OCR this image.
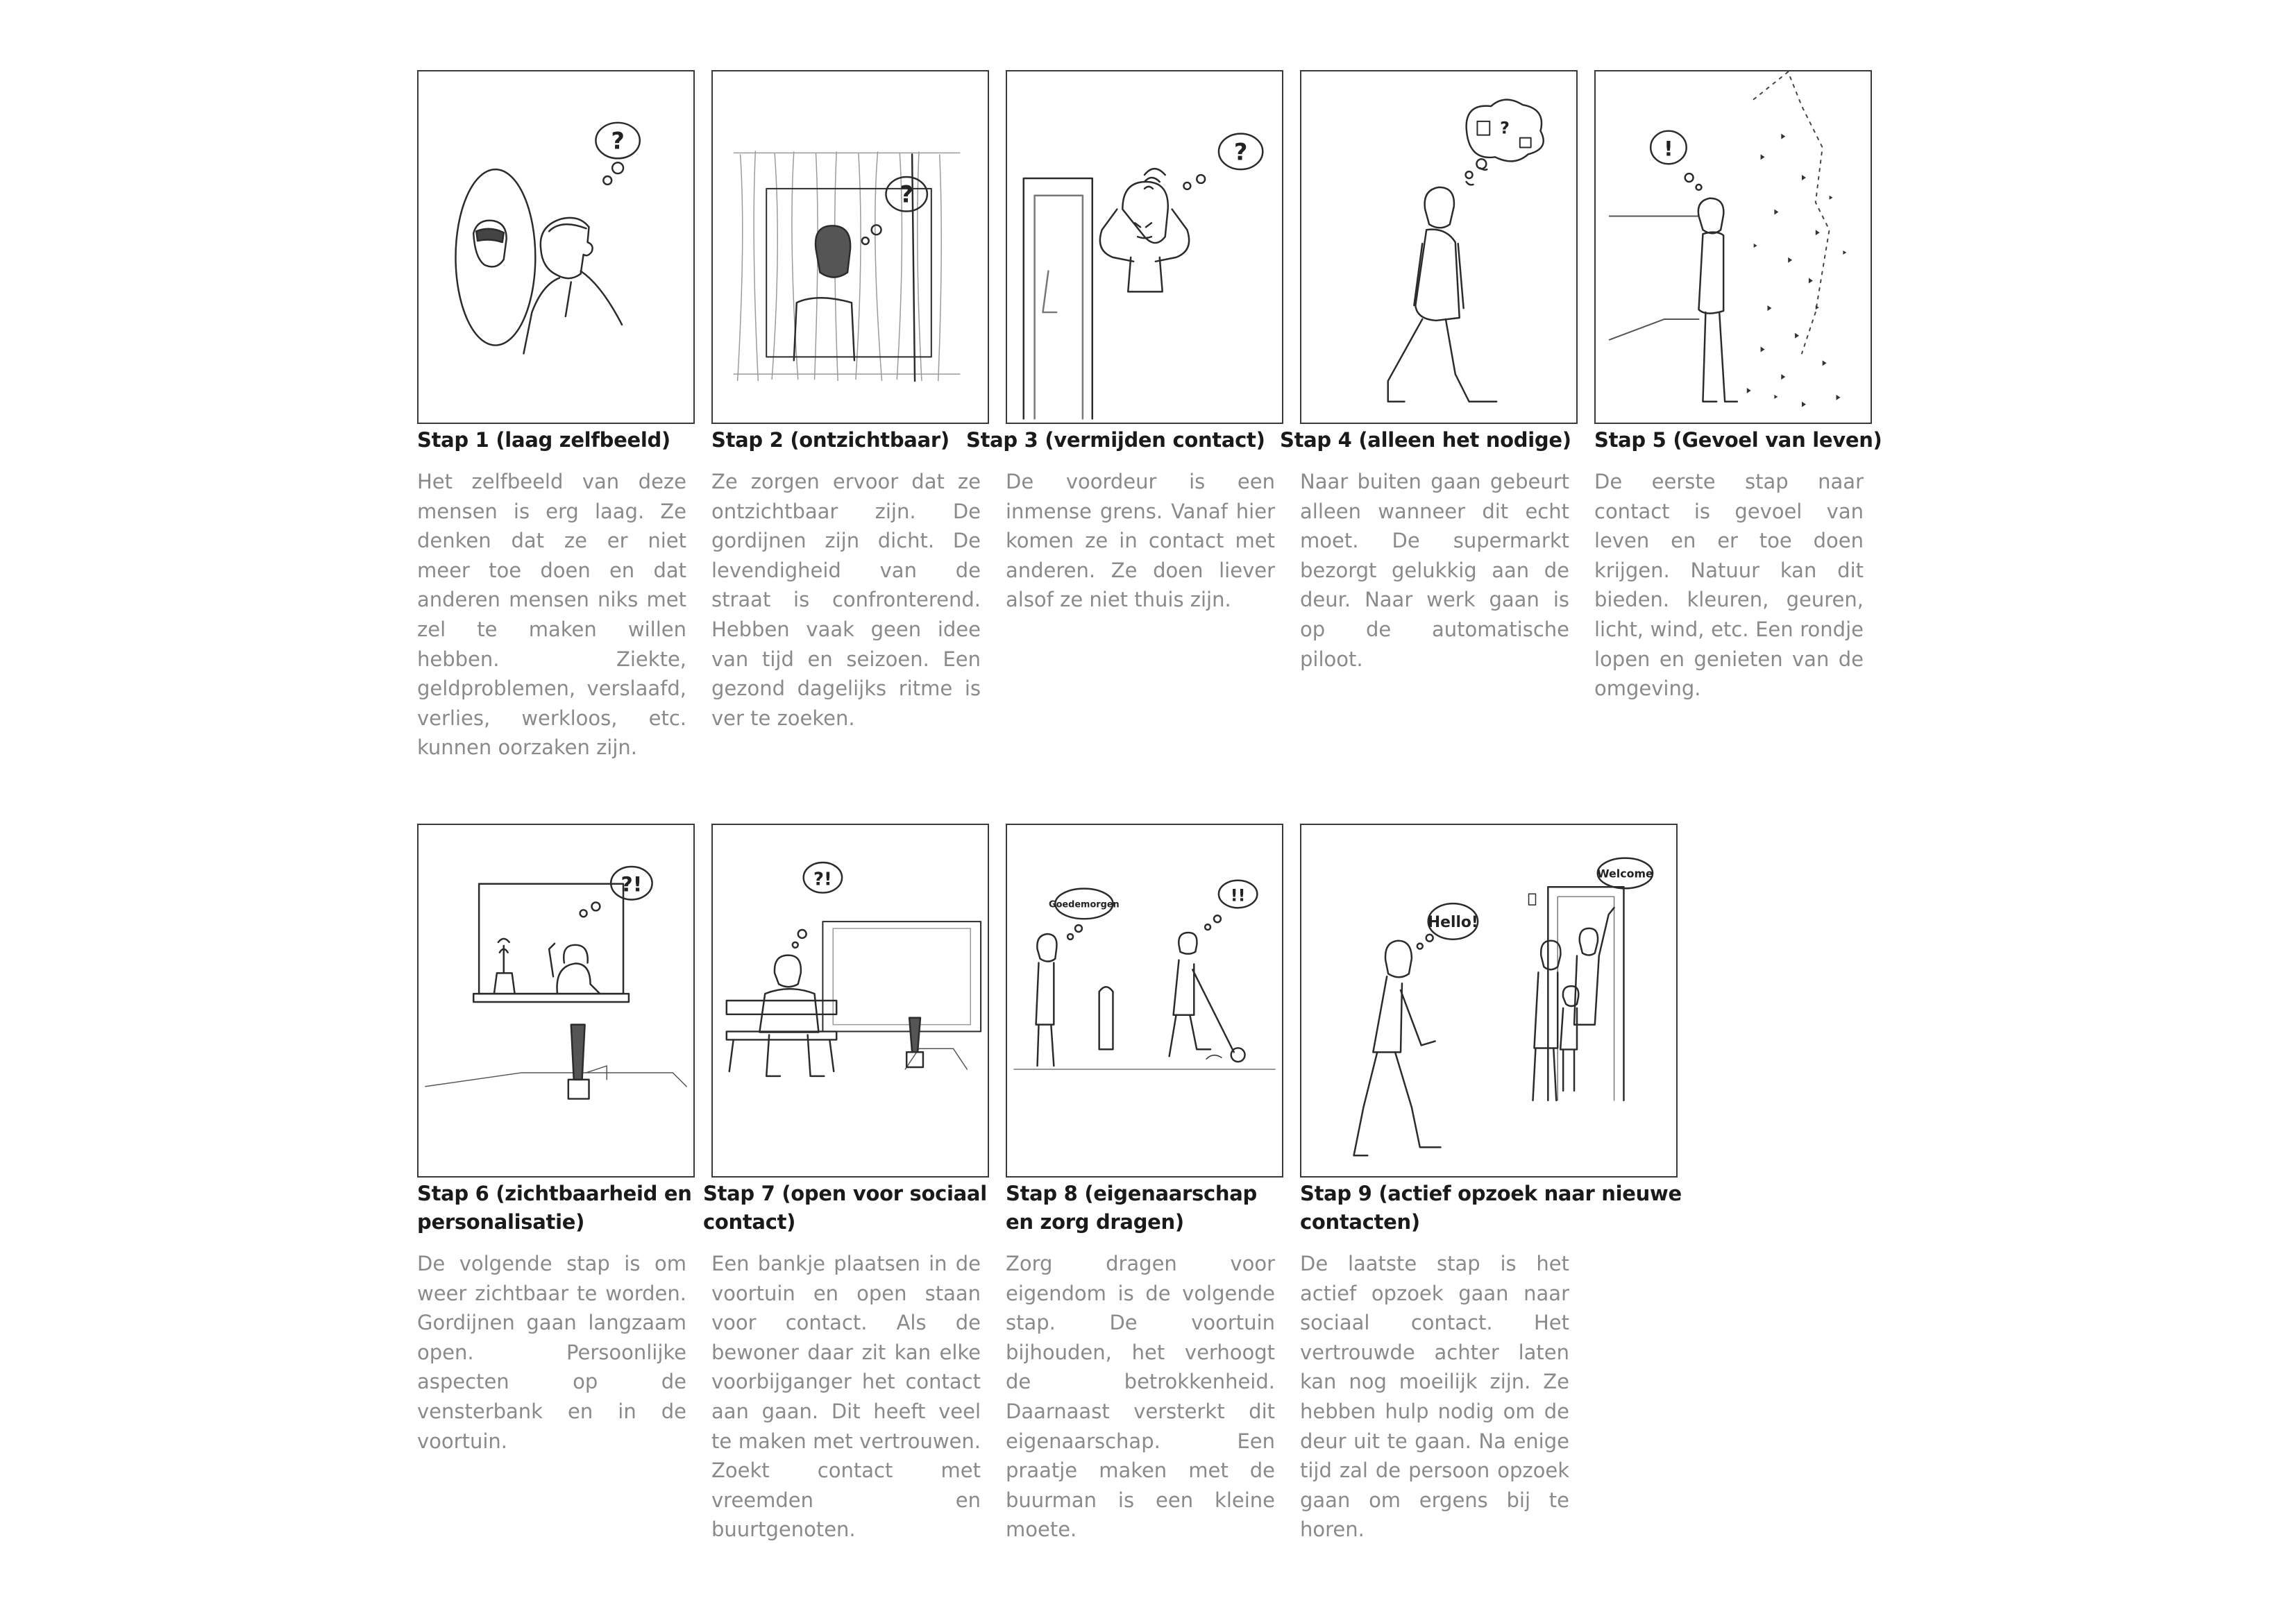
?
Stap 1 (laag zelfbeeld)
Het zelfbeeld van deze mensen is erg laag. Ze denken dat ze er niet meer toe doen en dat anderen mensen niks met zel te maken willen hebben. Ziekte, geldproblemen, verslaafd, verlies, werkloos, etc. kunnen oorzaken zijn.
?
Stap 2 (ontzichtbaar)
Ze zorgen ervoor dat ze ontzichtbaar zijn. De gordijnen zijn dicht. De levendigheid van de straat is confronterend. Hebben vaak geen idee van tijd en seizoen. Een gezond dagelijks ritme is ver te zoeken.
?
Stap 3 (vermijden contact)
De voordeur is een inmense grens. Vanaf hier komen ze in contact met anderen. Ze doen liever alsof ze niet thuis zijn.
?
Stap 4 (alleen het nodige)
Naar buiten gaan gebeurt alleen wanneer dit echt moet. De supermarkt bezorgt gelukkig aan de deur. Naar werk gaan is op de automatische piloot.
!
Stap 5 (Gevoel van leven)
De eerste stap naar contact is gevoel van leven en er toe doen krijgen. Natuur kan dit bieden. kleuren, geuren, licht, wind, etc. Een rondje lopen en genieten van de omgeving.
?!
Stap 6 (zichtbaarheid en
personalisatie)
De volgende stap is om weer zichtbaar te worden. Gordijnen gaan langzaam open. Persoonlijke aspecten op de vensterbank en in de voortuin.
?!
Stap 7 (open voor sociaal
contact)
Een bankje plaatsen in de voortuin en open staan voor contact. Als de bewoner daar zit kan elke voorbijganger het contact aan gaan. Dit heeft veel te maken met vertrouwen. Zoekt contact met vreemden en buurtgenoten.
Goedemorgen	!!
Stap 8 (eigenaarschap
en zorg dragen)
Zorg dragen voor eigendom is de volgende stap. De voortuin bijhouden, het verhoogt de betrokkenheid. Daarnaast versterkt dit eigenaarschap. Een praatje maken met de buurman is een kleine moete.
Hello!
Welcome
Stap 9 (actief opzoek naar nieuwe
contacten)
De laatste stap is het actief opzoek gaan naar sociaal contact. Het vertrouwde achter laten kan nog moeilijk zijn. Ze hebben hulp nodig om de deur uit te gaan. Na enige tijd zal de persoon opzoek gaan om ergens bij te horen.
